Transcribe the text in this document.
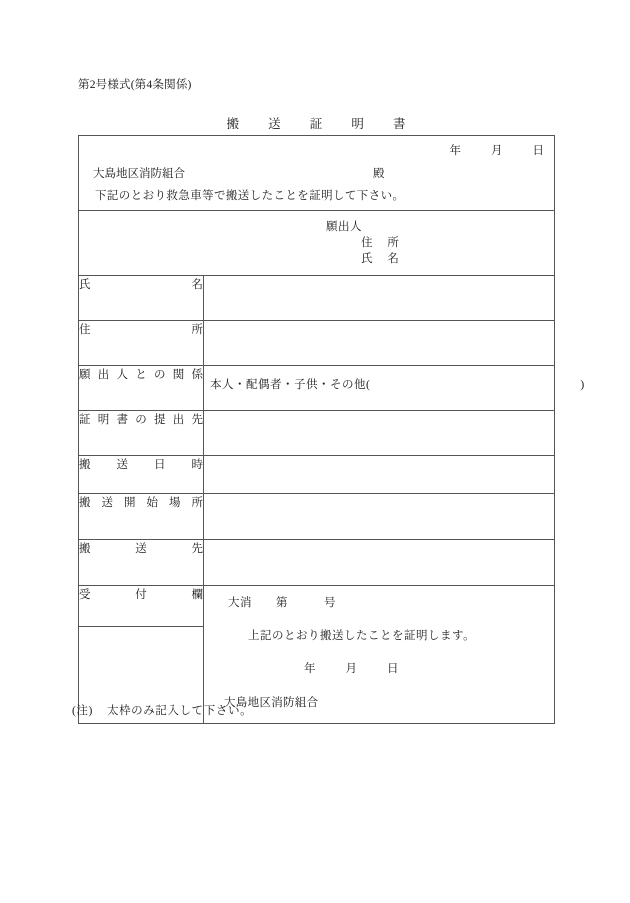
第2号様式(第4条関係)
搬 送 証 明 書
年 月 日
大島地区消防組合 殿
下記のとおり救急車等で搬送したことを証明して下さい。	

願出人
住 所
氏 名	

氏　　　　名	

住　　　　所	

願出人との関係	本人・配偶者・子供・その他( )

証明書の提出先	

搬　送　日　時	

搬送開始場所	

搬　送　先	

受　付　欄	大消　　第　　　号
上記のとおり搬送したことを証明します。
年 月 日
大島地区消防組合

(注) 太枠のみ記入して下さい。
